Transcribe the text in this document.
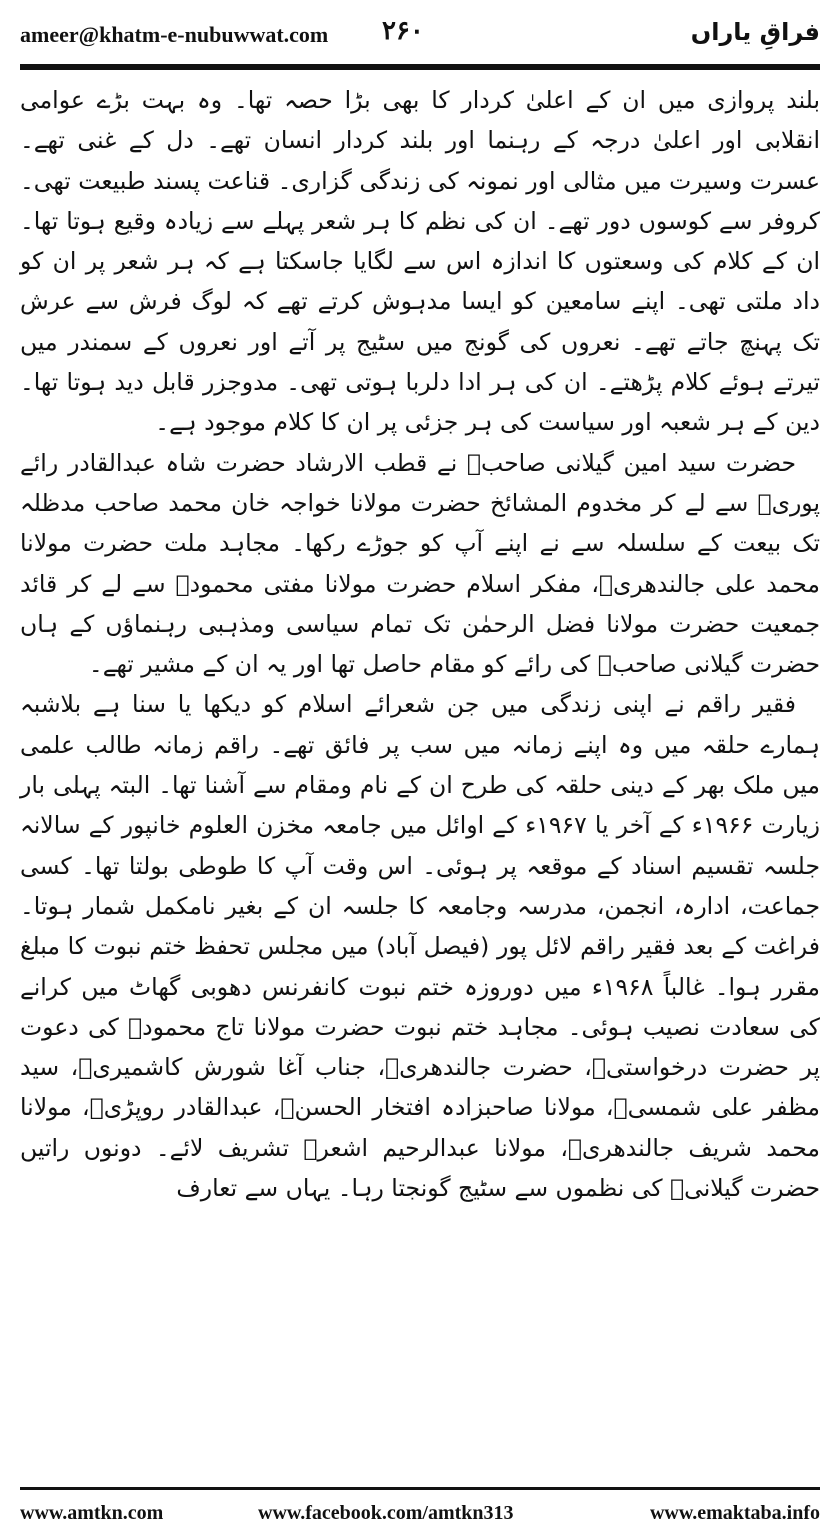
ameer@khatm-e-nubuwwat.com ۲۶۰	فراقِ یاراں

بلند پروازی میں ان کے اعلیٰ کردار کا بھی بڑا حصہ تھا۔ وہ بہت بڑے عوامی انقلابی اور اعلیٰ درجہ کے رہنما اور بلند کردار انسان تھے۔ دل کے غنی تھے۔ عسرت وسیرت میں مثالی اور نمونہ کی زندگی گزاری۔ قناعت پسند طبیعت تھی۔ کروفر سے کوسوں دور تھے۔ ان کی نظم کا ہر شعر پہلے سے زیادہ وقیع ہوتا تھا۔ ان کے کلام کی وسعتوں کا اندازہ اس سے لگایا جاسکتا ہے کہ ہر شعر پر ان کو داد ملتی تھی۔ اپنے سامعین کو ایسا مدہوش کرتے تھے کہ لوگ فرش سے عرش تک پہنچ جاتے تھے۔ نعروں کی گونج میں سٹیج پر آتے اور نعروں کے سمندر میں تیرتے ہوئے کلام پڑھتے۔ ان کی ہر ادا دلربا ہوتی تھی۔ مدوجزر قابل دید ہوتا تھا۔ دین کے ہر شعبہ اور سیاست کی ہر جزئی پر ان کا کلام موجود ہے۔

حضرت سید امین گیلانی صاحبؒ نے قطب الارشاد حضرت شاہ عبدالقادر رائے پوریؒ سے لے کر مخدوم المشائخ حضرت مولانا خواجہ خان محمد صاحب مدظلہ تک بیعت کے سلسلہ سے نے اپنے آپ کو جوڑے رکھا۔ مجاہد ملت حضرت مولانا محمد علی جالندھریؒ، مفکر اسلام حضرت مولانا مفتی محمودؒ سے لے کر قائد جمعیت حضرت مولانا فضل الرحمٰن تک تمام سیاسی ومذہبی رہنماؤں کے ہاں حضرت گیلانی صاحبؒ کی رائے کو مقام حاصل تھا اور یہ ان کے مشیر تھے۔

فقیر راقم نے اپنی زندگی میں جن شعرائے اسلام کو دیکھا یا سنا ہے بلاشبہ ہمارے حلقہ میں وہ اپنے زمانہ میں سب پر فائق تھے۔ راقم زمانہ طالب علمی میں ملک بھر کے دینی حلقہ کی طرح ان کے نام ومقام سے آشنا تھا۔ البتہ پہلی بار زیارت ۱۹۶۶ء کے آخر یا ۱۹۶۷ء کے اوائل میں جامعہ مخزن العلوم خانپور کے سالانہ جلسہ تقسیم اسناد کے موقعہ پر ہوئی۔ اس وقت آپ کا طوطی بولتا تھا۔ کسی جماعت، ادارہ، انجمن، مدرسہ وجامعہ کا جلسہ ان کے بغیر نامکمل شمار ہوتا۔ فراغت کے بعد فقیر راقم لائل پور (فیصل آباد) میں مجلس تحفظ ختم نبوت کا مبلغ مقرر ہوا۔ غالباً ۱۹۶۸ء میں دوروزہ ختم نبوت کانفرنس دھوبی گھاٹ میں کرانے کی سعادت نصیب ہوئی۔ مجاہد ختم نبوت حضرت مولانا تاج محمودؒ کی دعوت پر حضرت درخواستیؒ، حضرت جالندھریؒ، جناب آغا شورش کاشمیریؒ، سید مظفر علی شمسیؒ، مولانا صاحبزادہ افتخار الحسنؒ، عبدالقادر روپڑیؒ، مولانا محمد شریف جالندھریؒ، مولانا عبدالرحیم اشعرؒ تشریف لائے۔ دونوں راتیں حضرت گیلانیؒ کی نظموں سے سٹیج گونجتا رہا۔ یہاں سے تعارف

www.amtkn.com	www.facebook.com/amtkn313	www.emaktaba.info
